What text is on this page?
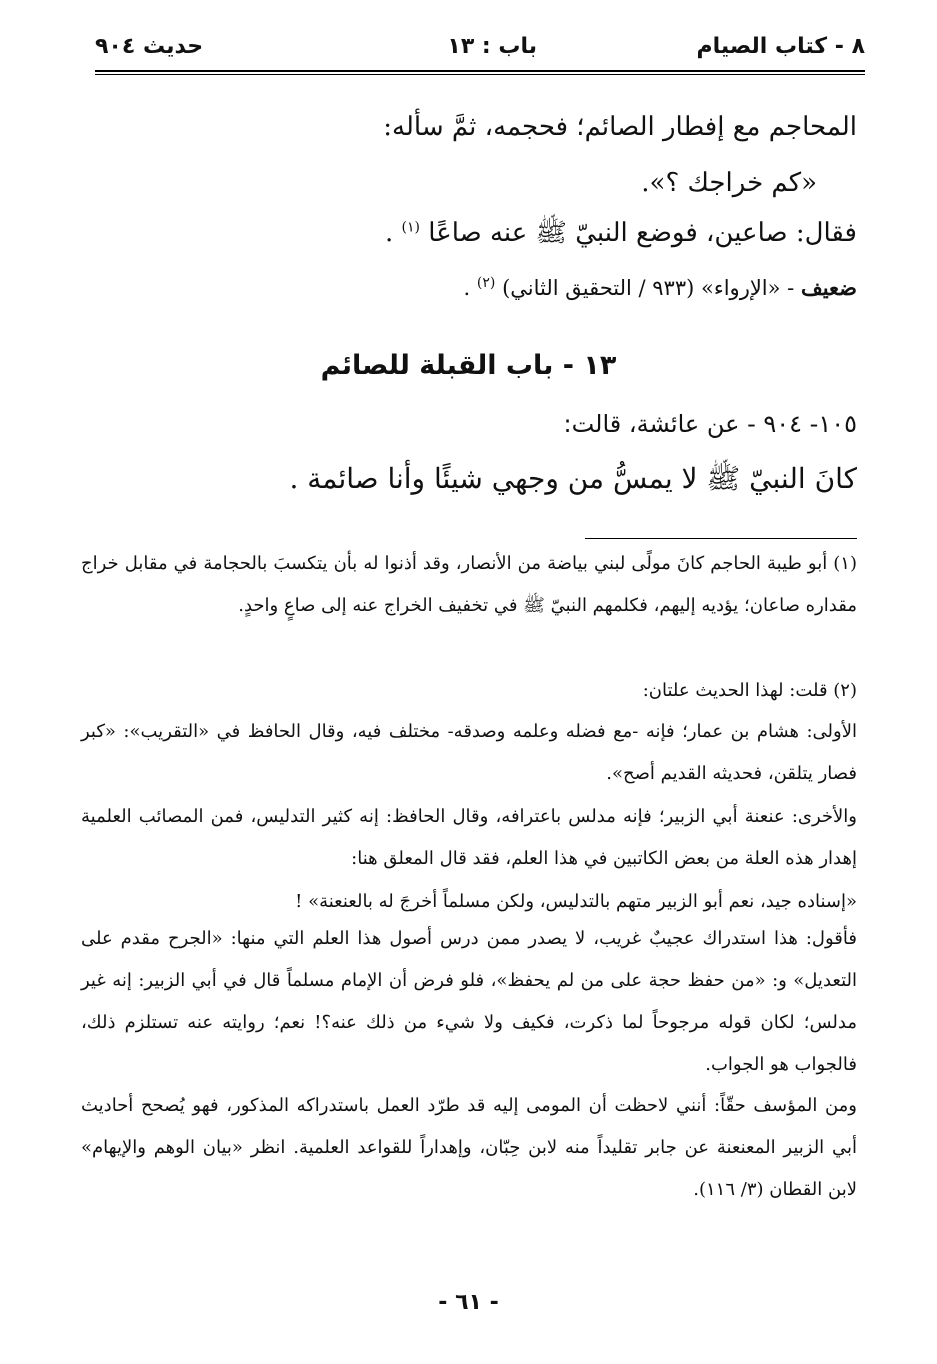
٨ - كتاب الصيام
باب : ١٣
حديث ٩٠٤
المحاجم مع إفطار الصائم؛ فحجمه، ثمَّ سأله:
«كم خراجك ؟».
فقال: صاعين، فوضع النبيّ ﷺ عنه صاعًا $^{(١)}$ .
ضعيف - «الإرواء» (٩٣٣ / التحقيق الثاني) $^{(٢)}$ .
١٣ - باب القبلة للصائم
١٠٥- ٩٠٤ - عن عائشة، قالت:
كانَ النبيّ ﷺ لا يمسُّ من وجهي شيئًا وأنا صائمة .

(١) أبو طيبة الحاجم كانَ مولًى لبني بياضة من الأنصار، وقد أذنوا له بأن يتكسبَ بالحجامة في مقابل خراج مقداره صاعان؛ يؤديه إليهم، فكلمهم النبيّ ﷺ في تخفيف الخراج عنه إلى صاعٍ واحدٍ.

(٢) قلت: لهذا الحديث علتان:

الأولى: هشام بن عمار؛ فإنه -مع فضله وعلمه وصدقه- مختلف فيه، وقال الحافظ في «التقريب»: «كبر فصار يتلقن، فحديثه القديم أصح».

والأخرى: عنعنة أبي الزبير؛ فإنه مدلس باعترافه، وقال الحافظ: إنه كثير التدليس، فمن المصائب العلمية إهدار هذه العلة من بعض الكاتبين في هذا العلم، فقد قال المعلق هنا:

«إسناده جيد، نعم أبو الزبير متهم بالتدليس، ولكن مسلماً أخرجَ له بالعنعنة» !

فأقول: هذا استدراك عجيبٌ غريب، لا يصدر ممن درس أصول هذا العلم التي منها: «الجرح مقدم على التعديل» و: «من حفظ حجة على من لم يحفظ»، فلو فرض أن الإمام مسلماً قال في أبي الزبير: إنه غير مدلس؛ لكان قوله مرجوحاً لما ذكرت، فكيف ولا شيء من ذلك عنه؟! نعم؛ روايته عنه تستلزم ذلك، فالجواب هو الجواب.

ومن المؤسف حقّاً: أنني لاحظت أن المومى إليه قد طرّد العمل باستدراكه المذكور، فهو يُصحح أحاديث أبي الزبير المعنعنة عن جابر تقليداً منه لابن حِبّان، وإهداراً للقواعد العلمية. انظر «بيان الوهم والإيهام» لابن القطان (٣/ ١١٦).

- ٦١ -
